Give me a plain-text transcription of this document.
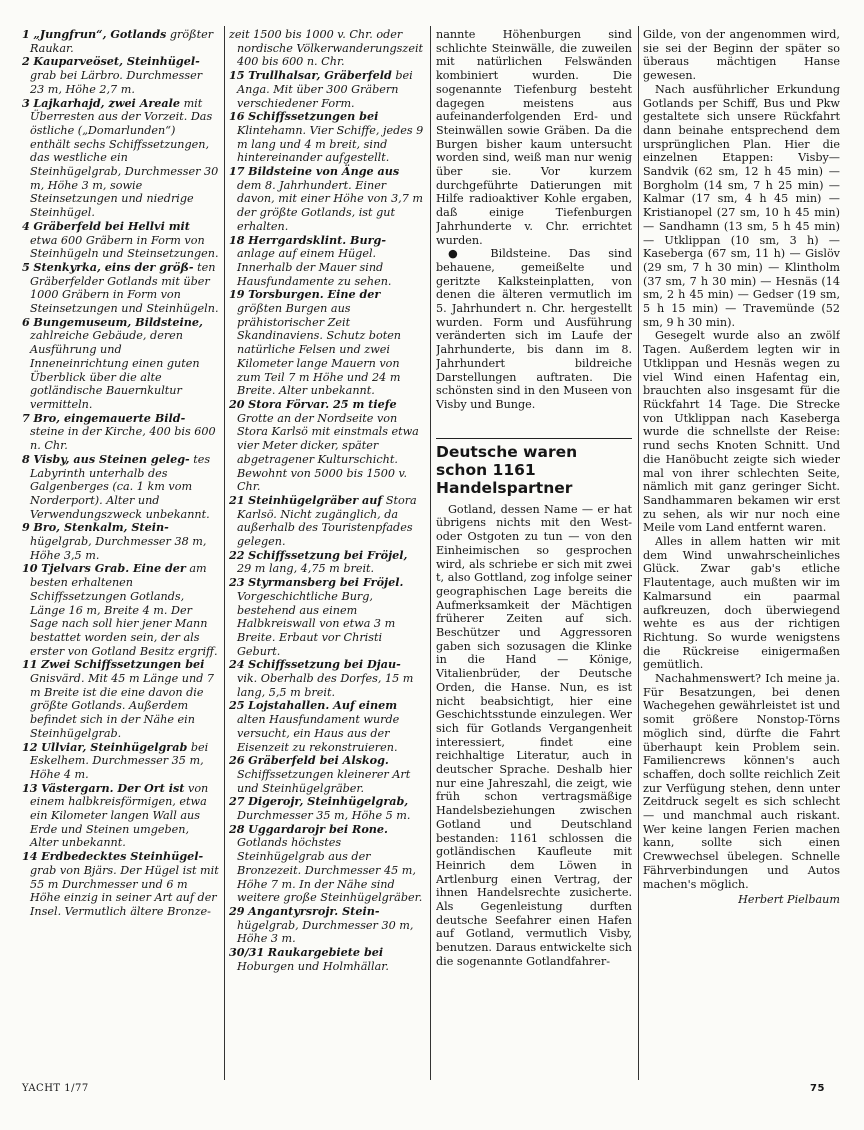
1 „Jungfrun“, Gotlands größter Raukar.

2 Kauparveöset, Steinhügel- grab bei Lärbro. Durchmesser 23 m, Höhe 2,7 m.

3 Lajkarhajd, zwei Areale mit Überresten aus der Vorzeit. Das östliche („Domarlunden“) enthält sechs Schiffssetzungen, das westliche ein Steinhügelgrab, Durchmesser 30 m, Höhe 3 m, sowie Steinsetzungen und niedrige Steinhügel.

4 Gräberfeld bei Hellvi mit etwa 600 Gräbern in Form von Steinhügeln und Steinsetzungen.

5 Stenkyrka, eins der größ- ten Gräberfelder Gotlands mit über 1000 Gräbern in Form von Steinsetzungen und Steinhügeln.

6 Bungemuseum, Bildsteine, zahlreiche Gebäude, deren Ausführung und Inneneinrichtung einen guten Überblick über die alte gotländische Bauernkultur vermitteln.

7 Bro, eingemauerte Bild- steine in der Kirche, 400 bis 600 n. Chr.

8 Visby, aus Steinen geleg- tes Labyrinth unterhalb des Galgenberges (ca. 1 km vom Norderport). Alter und Verwendungszweck unbekannt.

9 Bro, Stenkalm, Stein- hügelgrab, Durchmesser 38 m, Höhe 3,5 m.

10 Tjelvars Grab. Eine der am besten erhaltenen Schiffssetzungen Gotlands, Länge 16 m, Breite 4 m. Der Sage nach soll hier jener Mann bestattet worden sein, der als erster von Gotland Besitz ergriff.

11 Zwei Schiffssetzungen bei Gnisvärd. Mit 45 m Länge und 7 m Breite ist die eine davon die größte Gotlands. Außerdem befindet sich in der Nähe ein Steinhügelgrab.

12 Ullviar, Steinhügelgrab bei Eskelhem. Durchmesser 35 m, Höhe 4 m.

13 Västergarn. Der Ort ist von einem halbkreisförmigen, etwa ein Kilometer langen Wall aus Erde und Steinen umgeben, Alter unbekannt.

14 Erdbedecktes Steinhügel- grab von Bjärs. Der Hügel ist mit 55 m Durchmesser und 6 m Höhe einzig in seiner Art auf der Insel. Vermutlich ältere Bronze-

zeit 1500 bis 1000 v. Chr. oder nordische Völkerwanderungszeit 400 bis 600 n. Chr.

15 Trullhalsar, Gräberfeld bei Anga. Mit über 300 Gräbern verschiedener Form.

16 Schiffssetzungen bei Klintehamn. Vier Schiffe, jedes 9 m lang und 4 m breit, sind hintereinander aufgestellt.

17 Bildsteine von Änge aus dem 8. Jahrhundert. Einer davon, mit einer Höhe von 3,7 m der größte Gotlands, ist gut erhalten.

18 Herrgardsklint. Burg- anlage auf einem Hügel. Innerhalb der Mauer sind Hausfundamente zu sehen.

19 Torsburgen. Eine der größten Burgen aus prähistorischer Zeit Skandinaviens. Schutz boten natürliche Felsen und zwei Kilometer lange Mauern von zum Teil 7 m Höhe und 24 m Breite. Alter unbekannt.

20 Stora Förvar. 25 m tiefe Grotte an der Nordseite von Stora Karlsö mit einstmals etwa vier Meter dicker, später abgetragener Kulturschicht. Bewohnt von 5000 bis 1500 v. Chr.

21 Steinhügelgräber auf Stora Karlsö. Nicht zugänglich, da außerhalb des Touristenpfades gelegen.

22 Schiffssetzung bei Fröjel, 29 m lang, 4,75 m breit.

23 Styrmansberg bei Fröjel. Vorgeschichtliche Burg, bestehend aus einem Halbkreiswall von etwa 3 m Breite. Erbaut vor Christi Geburt.

24 Schiffssetzung bei Djau- vik. Oberhalb des Dorfes, 15 m lang, 5,5 m breit.

25 Lojstahallen. Auf einem alten Hausfundament wurde versucht, ein Haus aus der Eisenzeit zu rekonstruieren.

26 Gräberfeld bei Alskog. Schiffssetzungen kleinerer Art und Steinhügelgräber.

27 Digerojr, Steinhügelgrab, Durchmesser 35 m, Höhe 5 m.

28 Uggardarojr bei Rone. Gotlands höchstes Steinhügelgrab aus der Bronzezeit. Durchmesser 45 m, Höhe 7 m. In der Nähe sind weitere große Steinhügelgräber.

29 Angantyrsrojr. Stein- hügelgrab, Durchmesser 30 m, Höhe 3 m.

30/31 Raukargebiete bei Hoburgen und Holmhällar.

nannte Höhenburgen sind schlichte Steinwälle, die zuweilen mit natürlichen Felswänden kombiniert wurden. Die sogenannte Tiefenburg besteht dagegen meistens aus aufeinanderfolgenden Erd- und Steinwällen sowie Gräben. Da die Burgen bisher kaum untersucht worden sind, weiß man nur wenig über sie. Vor kurzem durchgeführte Datierungen mit Hilfe radioaktiver Kohle ergaben, daß einige Tiefenburgen Jahrhunderte v. Chr. errichtet wurden.

● Bildsteine. Das sind behauene, gemeißelte und geritzte Kalksteinplatten, von denen die älteren vermutlich im 5. Jahrhundert n. Chr. hergestellt wurden. Form und Ausführung veränderten sich im Laufe der Jahrhunderte, bis dann im 8. Jahrhundert bildreiche Darstellungen auftraten. Die schönsten sind in den Museen von Visby und Bunge.

Deutsche waren schon 1161 Handelspartner

Gotland, dessen Name — er hat übrigens nichts mit den West- oder Ostgoten zu tun — von den Einheimischen so gesprochen wird, als schriebe er sich mit zwei t, also Gottland, zog infolge seiner geographischen Lage bereits die Aufmerksamkeit der Mächtigen früherer Zeiten auf sich. Beschützer und Aggressoren gaben sich sozusagen die Klinke in die Hand — Könige, Vitalienbrüder, der Deutsche Orden, die Hanse. Nun, es ist nicht beabsichtigt, hier eine Geschichtsstunde einzulegen. Wer sich für Gotlands Vergangenheit interessiert, findet eine reichhaltige Literatur, auch in deutscher Sprache. Deshalb hier nur eine Jahreszahl, die zeigt, wie früh schon vertragsmäßige Handelsbeziehungen zwischen Gotland und Deutschland bestanden: 1161 schlossen die gotländischen Kaufleute mit Heinrich dem Löwen in Artlenburg einen Vertrag, der ihnen Handelsrechte zusicherte. Als Gegenleistung durften deutsche Seefahrer einen Hafen auf Gotland, vermutlich Visby, benutzen. Daraus entwickelte sich die sogenannte Gotlandfahrer-

Gilde, von der angenommen wird, sie sei der Beginn der später so überaus mächtigen Hanse gewesen.

Nach ausführlicher Erkundung Gotlands per Schiff, Bus und Pkw gestaltete sich unsere Rückfahrt dann beinahe entsprechend dem ursprünglichen Plan. Hier die einzelnen Etappen: Visby—Sandvik (62 sm, 12 h 45 min) — Borgholm (14 sm, 7 h 25 min) — Kalmar (17 sm, 4 h 45 min) — Kristianopel (27 sm, 10 h 45 min) — Sandhamn (13 sm, 5 h 45 min) — Utklippan (10 sm, 3 h) — Kaseberga (67 sm, 11 h) — Gislöv (29 sm, 7 h 30 min) — Klintholm (37 sm, 7 h 30 min) — Hesnäs (14 sm, 2 h 45 min) — Gedser (19 sm, 5 h 15 min) — Travemünde (52 sm, 9 h 30 min).

Gesegelt wurde also an zwölf Tagen. Außerdem legten wir in Utklippan und Hesnäs wegen zu viel Wind einen Hafentag ein, brauchten also insgesamt für die Rückfahrt 14 Tage. Die Strecke von Utklippan nach Kaseberga wurde die schnellste der Reise: rund sechs Knoten Schnitt. Und die Hanöbucht zeigte sich wieder mal von ihrer schlechten Seite, nämlich mit ganz geringer Sicht. Sandhammaren bekamen wir erst zu sehen, als wir nur noch eine Meile vom Land entfernt waren.

Alles in allem hatten wir mit dem Wind unwahrscheinliches Glück. Zwar gab's etliche Flautentage, auch mußten wir im Kalmarsund ein paarmal aufkreuzen, doch überwiegend wehte es aus der richtigen Richtung. So wurde wenigstens die Rückreise einigermaßen gemütlich.

Nachahmenswert? Ich meine ja. Für Besatzungen, bei denen Wachegehen gewährleistet ist und somit größere Nonstop-Törns möglich sind, dürfte die Fahrt überhaupt kein Problem sein. Familiencrews können's auch schaffen, doch sollte reichlich Zeit zur Verfügung stehen, denn unter Zeitdruck segelt es sich schlecht — und manchmal auch riskant. Wer keine langen Ferien machen kann, sollte sich einen Crewwechsel übelegen. Schnelle Fährverbindungen und Autos machen's möglich.

Herbert Pielbaum

YACHT 1/77	75
